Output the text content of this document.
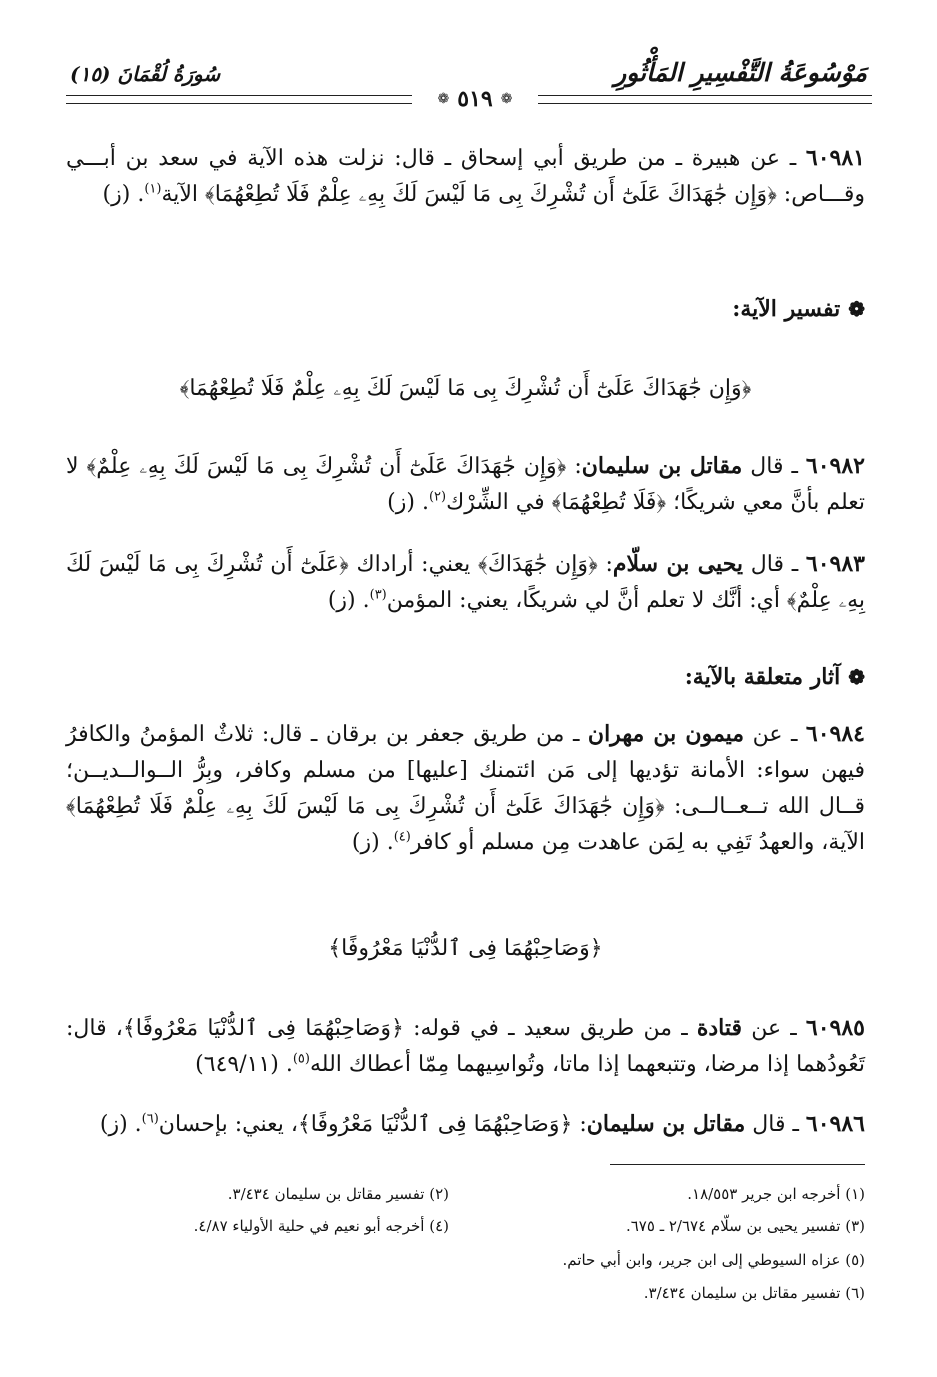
مَوْسُوعَةُ التَّفْسِيرِ المَأْثُورِ
سُورَةُ لُقْمَانَ (١٥)
❁
٥١٩
❁
٦٠٩٨١ ـ عن هبيرة ـ من طريق أبي إسحاق ـ قال: نزلت هذه الآية في سعد بن أبـــي وقـــاص: ﴿وَإِن جَٰهَدَاكَ عَلَىٰٓ أَن تُشْرِكَ بِى مَا لَيْسَ لَكَ بِهِۦ عِلْمٌ فَلَا تُطِعْهُمَا﴾ الآية$^{(١)}$. (ز)
❁
تفسير الآية:
﴿وَإِن جَٰهَدَاكَ عَلَىٰٓ أَن تُشْرِكَ بِى مَا لَيْسَ لَكَ بِهِۦ عِلْمٌ فَلَا تُطِعْهُمَا﴾
٦٠٩٨٢ ـ قال مقاتل بن سليمان: ﴿وَإِن جَٰهَدَاكَ عَلَىٰٓ أَن تُشْرِكَ بِى مَا لَيْسَ لَكَ بِهِۦ عِلْمٌ﴾ لا تعلم بأنَّ معي شريكًا؛ ﴿فَلَا تُطِعْهُمَا﴾ في الشِّرْك$^{(٢)}$. (ز)
٦٠٩٨٣ ـ قال يحيى بن سلّام: ﴿وَإِن جَٰهَدَاكَ﴾ يعني: أراداك ﴿عَلَىٰٓ أَن تُشْرِكَ بِى مَا لَيْسَ لَكَ بِهِۦ عِلْمٌ﴾ أي: أنَّك لا تعلم أنَّ لي شريكًا، يعني: المؤمن$^{(٣)}$. (ز)
❁
آثار متعلقة بالآية:
٦٠٩٨٤ ـ عن ميمون بن مهران ـ من طريق جعفر بن برقان ـ قال: ثلاثٌ المؤمنُ والكافرُ فيهن سواء: الأمانة تؤديها إلى مَن ائتمنك [عليها] من مسلم وكافر، وبِرُّ الــوالــديــن؛ قــال الله تــعــالــى: ﴿وَإِن جَٰهَدَاكَ عَلَىٰٓ أَن تُشْرِكَ بِى مَا لَيْسَ لَكَ بِهِۦ عِلْمٌ فَلَا تُطِعْهُمَا﴾ الآية، والعهدُ تَفِي به لِمَن عاهدت مِن مسلم أو كافر$^{(٤)}$. (ز)
﴿وَصَاحِبْهُمَا فِى ٱلدُّنْيَا مَعْرُوفًا﴾
٦٠٩٨٥ ـ عن قتادة ـ من طريق سعيد ـ في قوله: ﴿وَصَاحِبْهُمَا فِى ٱلدُّنْيَا مَعْرُوفًا﴾، قال: تَعُودُهما إذا مرضا، وتتبعهما إذا ماتا، وتُواسِيهما مِمّا أعطاك الله$^{(٥)}$. (٦٤٩/١١)
٦٠٩٨٦ ـ قال مقاتل بن سليمان: ﴿وَصَاحِبْهُمَا فِى ٱلدُّنْيَا مَعْرُوفًا﴾، يعني: بإحسان$^{(٦)}$. (ز)
(١) أخرجه ابن جرير ١٨/٥٥٣.
(٢) تفسير مقاتل بن سليمان ٣/٤٣٤.
(٣) تفسير يحيى بن سلّام ٢/٦٧٤ ـ ٦٧٥.
(٤) أخرجه أبو نعيم في حلية الأولياء ٤/٨٧.
(٥) عزاه السيوطي إلى ابن جرير، وابن أبي حاتم.
(٦) تفسير مقاتل بن سليمان ٣/٤٣٤.
